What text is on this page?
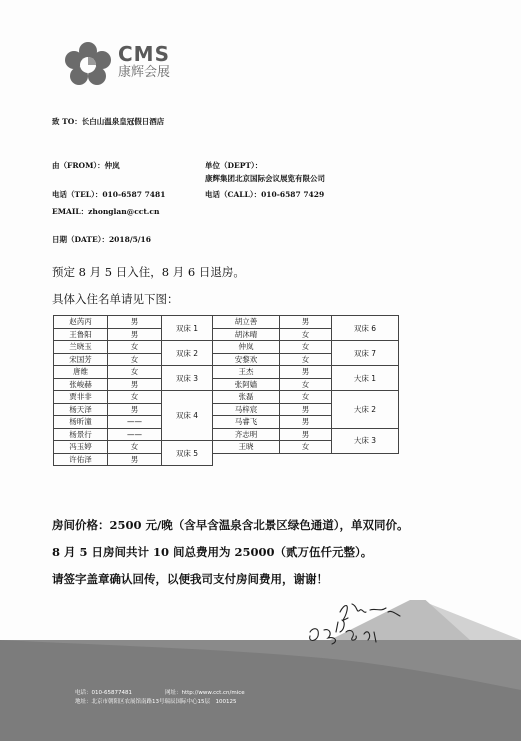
CMS
康辉会展
致 TO：长白山温泉皇冠假日酒店
由（FROM）：仲岚	单位（DEPT）：
康辉集团北京国际会议展览有限公司
电话（TEL）：010-6587 7481	电话（CALL）：010-6587 7429
EMAIL：zhonglan@cct.cn
日期（DATE）：2018/5/16
预定 8 月 5 日入住，8 月 6 日退房。
具体入住名单请见下图：
赵芮丙	男	双床 1	胡立善	男	双床 6
王鲁阳	男		胡沐晴	女	
兰晓玉	女	双床 2	仲岚	女	双床 7
宋国芳	女		安黎欢	女	
唐维	女	双床 3	王杰	男	大床 1
张峻赫	男		张阿嫱	女	
贾非非	女	双床 4	张磊	女	大床 2
杨天泽	男		马梓宸	男	
杨昕潼	——		马睿飞	男	
杨景行	——		齐志明	男	大床 3
冯玉婷	女	双床 5	王晓	女	
许佑泽	男				
房间价格：2500 元/晚（含早含温泉含北景区绿色通道），单双同价。
8 月 5 日房间共计 10 间总费用为 25000（贰万伍仟元整）。
请签字盖章确认回传，以便我司支付房间费用，谢谢！
电话：010-65877481　　　　　　网址：http://www.cct.cn/mice
地址：北京市朝阳区农展馆南路13号瑞辰国际中心15层　100125
